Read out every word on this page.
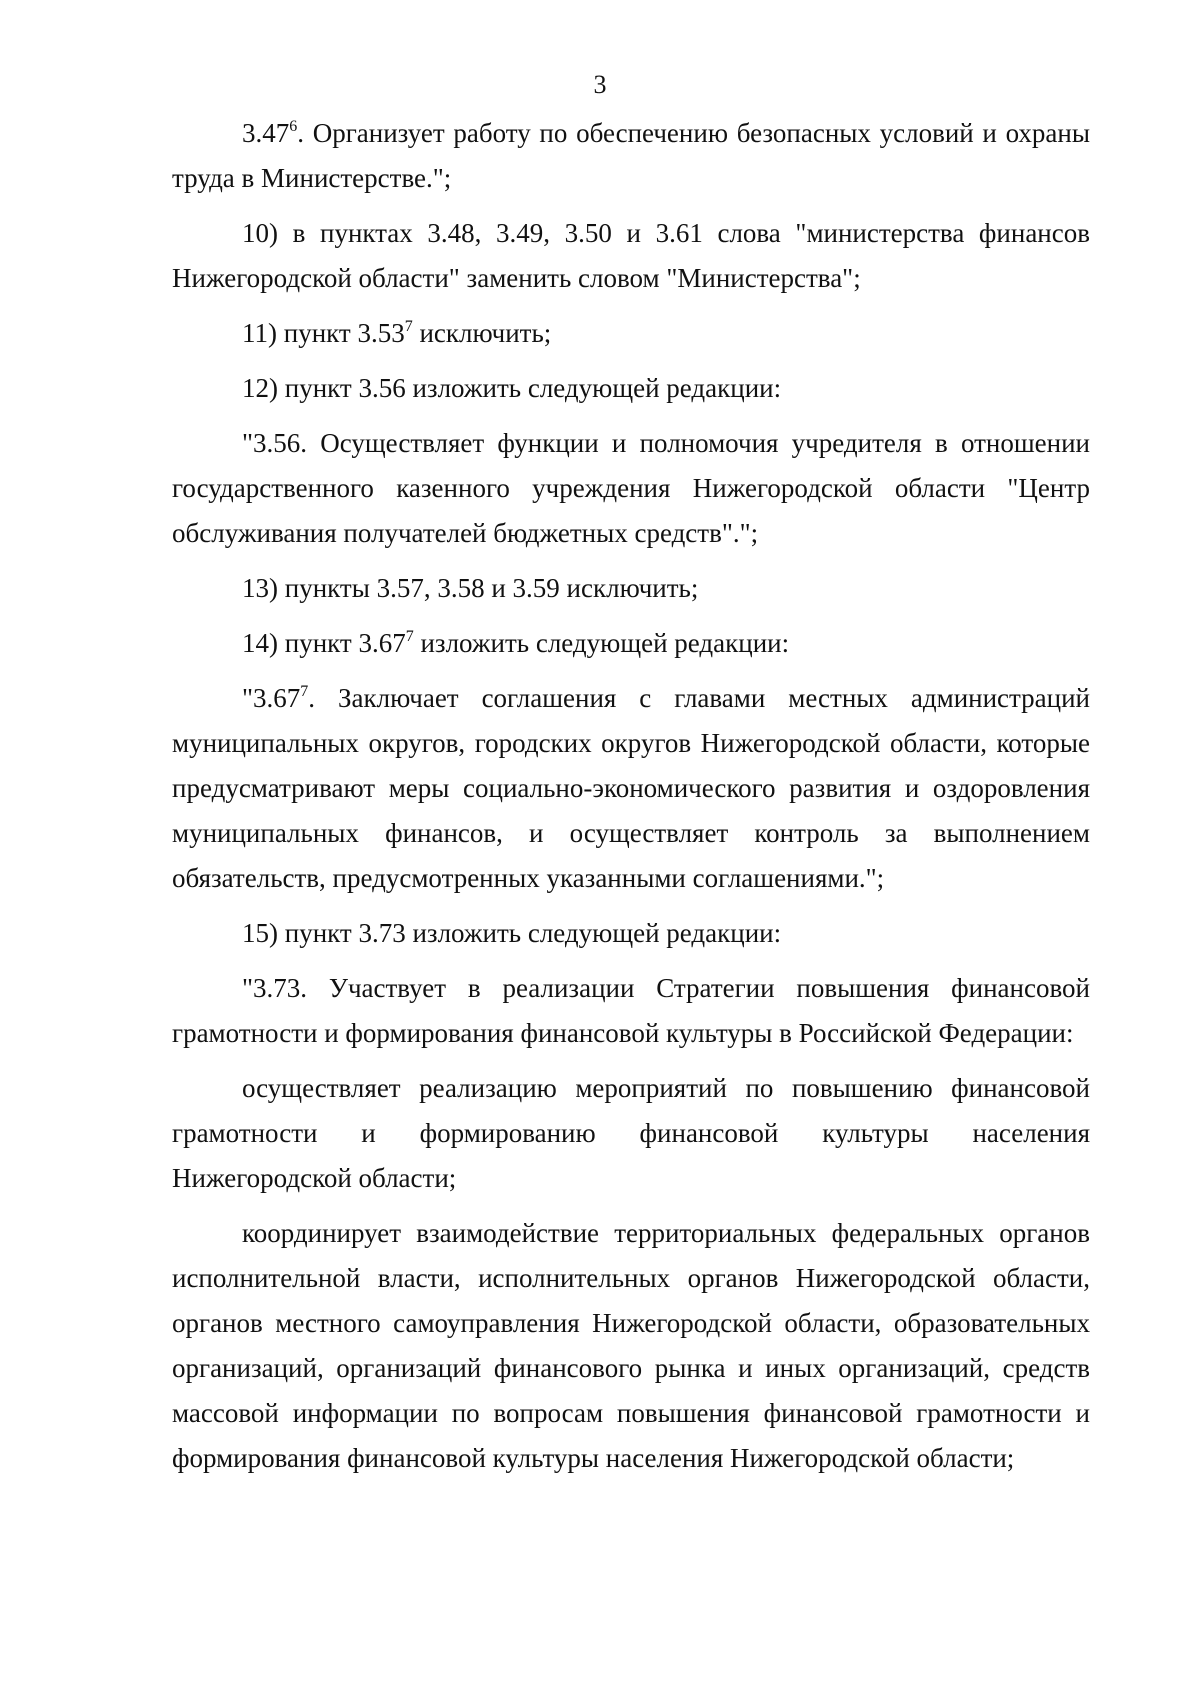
3

3.47$^6$. Организует работу по обеспечению безопасных условий и охраны труда в Министерстве.";

10) в пунктах 3.48, 3.49, 3.50 и 3.61 слова "министерства финансов Нижегородской области" заменить словом "Министерства";

11) пункт 3.53$^7$ исключить;

12) пункт 3.56 изложить следующей редакции:

"3.56. Осуществляет функции и полномочия учредителя в отношении государственного казенного учреждения Нижегородской области "Центр обслуживания получателей бюджетных средств".";

13) пункты 3.57, 3.58 и 3.59 исключить;

14) пункт 3.67$^7$ изложить следующей редакции:

"3.67$^7$. Заключает соглашения с главами местных администраций муниципальных округов, городских округов Нижегородской области, которые предусматривают меры социально-экономического развития и оздоровления муниципальных финансов, и осуществляет контроль за выполнением обязательств, предусмотренных указанными соглашениями.";

15) пункт 3.73 изложить следующей редакции:

"3.73. Участвует в реализации Стратегии повышения финансовой грамотности и формирования финансовой культуры в Российской Федерации:

осуществляет реализацию мероприятий по повышению финансовой грамотности и формированию финансовой культуры населения Нижегородской области;

координирует взаимодействие территориальных федеральных органов исполнительной власти, исполнительных органов Нижегородской области, органов местного самоуправления Нижегородской области, образовательных организаций, организаций финансового рынка и иных организаций, средств массовой информации по вопросам повышения финансовой грамотности и формирования финансовой культуры населения Нижегородской области;
